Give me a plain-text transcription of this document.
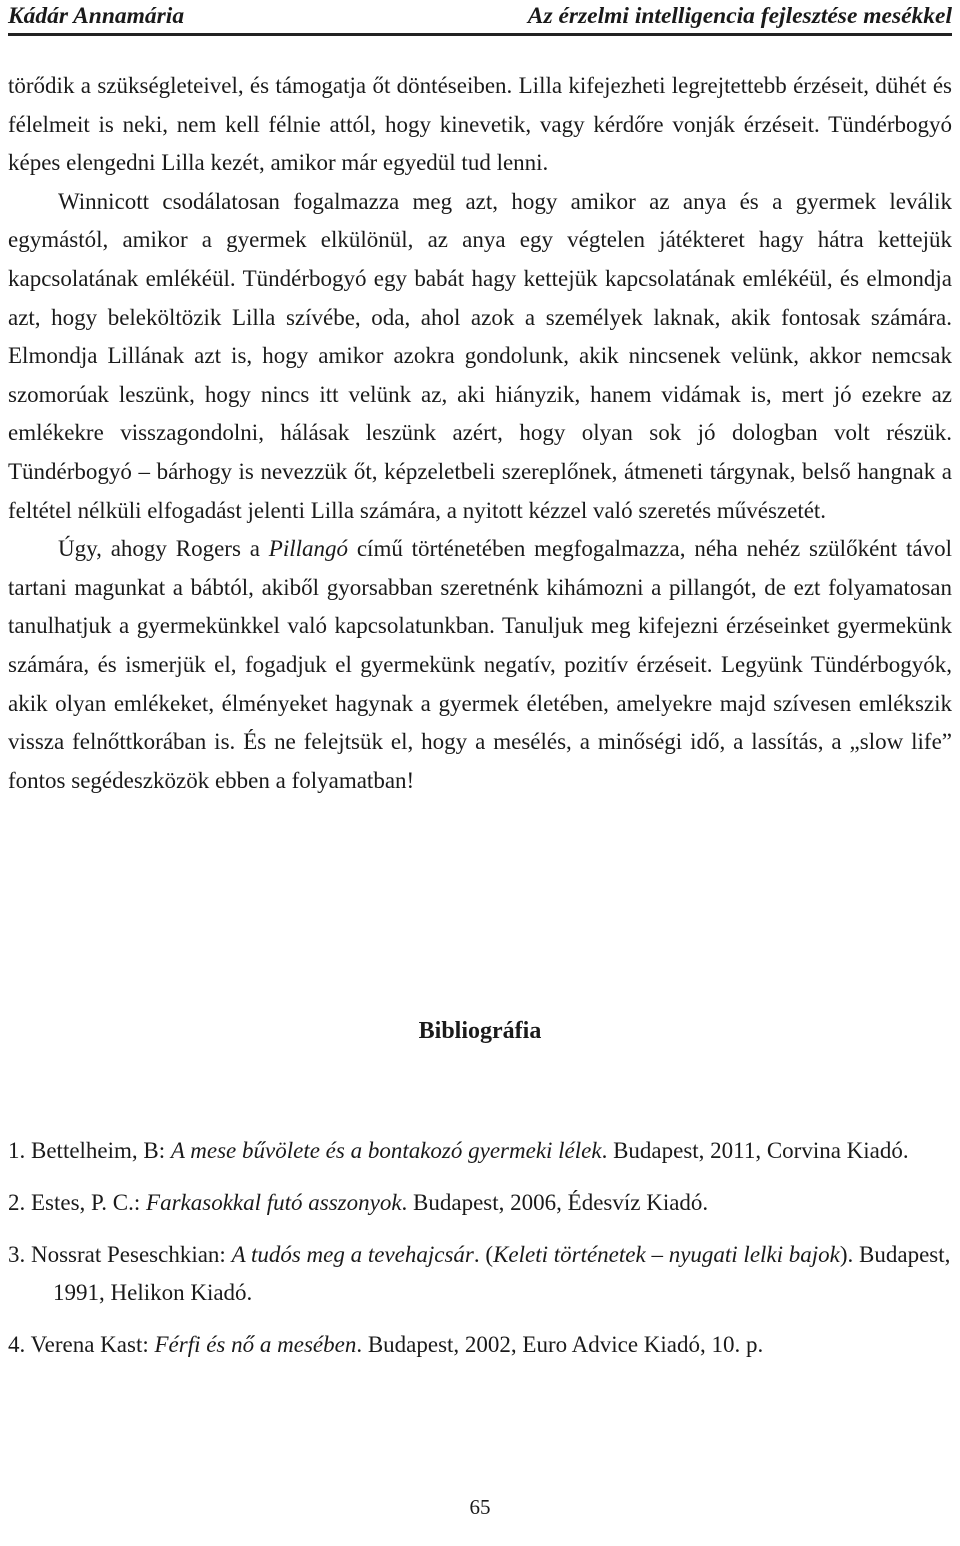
Kádár Annamária	Az érzelmi intelligencia fejlesztése mesékkel

törődik a szükségleteivel, és támogatja őt döntéseiben. Lilla kifejezheti legrejtettebb érzéseit, dühét és félelmeit is neki, nem kell félnie attól, hogy kinevetik, vagy kérdőre vonják érzéseit. Tündérbogyó képes elengedni Lilla kezét, amikor már egyedül tud lenni.

Winnicott csodálatosan fogalmazza meg azt, hogy amikor az anya és a gyermek leválik egymástól, amikor a gyermek elkülönül, az anya egy végtelen játékteret hagy hátra kettejük kapcsolatának emlékéül. Tündérbogyó egy babát hagy kettejük kapcsolatának emlékéül, és elmondja azt, hogy beleköltözik Lilla szívébe, oda, ahol azok a személyek laknak, akik fontosak számára. Elmondja Lillának azt is, hogy amikor azokra gondolunk, akik nincsenek velünk, akkor nemcsak szomorúak leszünk, hogy nincs itt velünk az, aki hiányzik, hanem vidámak is, mert jó ezekre az emlékekre visszagondolni, hálásak leszünk azért, hogy olyan sok jó dologban volt részük. Tündérbogyó – bárhogy is nevezzük őt, képzeletbeli szereplőnek, átmeneti tárgynak, belső hangnak a feltétel nélküli elfogadást jelenti Lilla számára, a nyitott kézzel való szeretés művészetét.

Úgy, ahogy Rogers a Pillangó című történetében megfogalmazza, néha nehéz szülőként távol tartani magunkat a bábtól, akiből gyorsabban szeretnénk kihámozni a pillangót, de ezt folyamatosan tanulhatjuk a gyermekünkkel való kapcsolatunkban. Tanuljuk meg kifejezni érzéseinket gyermekünk számára, és ismerjük el, fogadjuk el gyermekünk negatív, pozitív érzéseit. Legyünk Tündérbogyók, akik olyan emlékeket, élményeket hagynak a gyermek életében, amelyekre majd szívesen emlékszik vissza felnőttkorában is. És ne felejtsük el, hogy a mesélés, a minőségi idő, a lassítás, a „slow life” fontos segédeszközök ebben a folyamatban!

Bibliográfia
1. Bettelheim, B: A mese bűvölete és a bontakozó gyermeki lélek. Budapest, 2011, Corvina Kiadó.
2. Estes, P. C.: Farkasokkal futó asszonyok. Budapest, 2006, Édesvíz Kiadó.
3. Nossrat Peseschkian: A tudós meg a tevehajcsár. (Keleti történetek – nyugati lelki bajok). Budapest, 1991, Helikon Kiadó.
4. Verena Kast: Férfi és nő a mesében. Budapest, 2002, Euro Advice Kiadó, 10. p.
65
